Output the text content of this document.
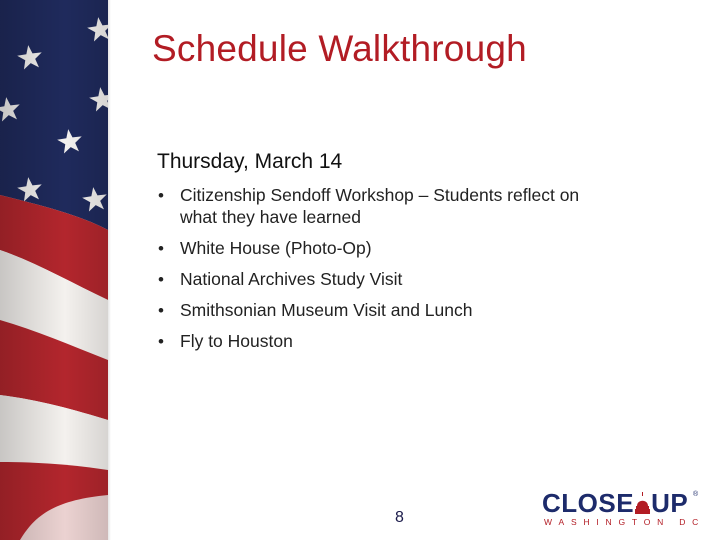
Schedule Walkthrough
Thursday, March 14
• Citizenship Sendoff Workshop – Students reflect on
what they have learned
• White House (Photo-Op)
• National Archives Study Visit
• Smithsonian Museum Visit and Lunch
• Fly to Houston
8	CLOSE UP ®
WASHINGTON DC
